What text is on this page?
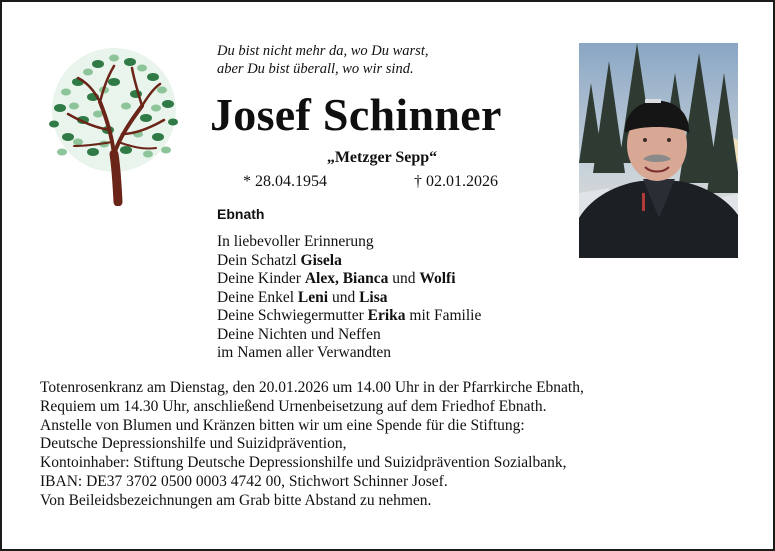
Du bist nicht mehr da, wo Du warst,
aber Du bist überall, wo wir sind.
Josef Schinner
„Metzger Sepp“
* 28.04.1954	† 02.01.2026
Ebnath
In liebevoller Erinnerung
Dein Schatzl Gisela
Deine Kinder Alex, Bianca und Wolfi
Deine Enkel Leni und Lisa
Deine Schwiegermutter Erika mit Familie
Deine Nichten und Neffen
im Namen aller Verwandten
Totenrosenkranz am Dienstag, den 20.01.2026 um 14.00 Uhr in der Pfarrkirche Ebnath,
Requiem um 14.30 Uhr, anschließend Urnenbeisetzung auf dem Friedhof Ebnath.
Anstelle von Blumen und Kränzen bitten wir um eine Spende für die Stiftung:
Deutsche Depressionshilfe und Suizidprävention,
Kontoinhaber: Stiftung Deutsche Depressionshilfe und Suizidprävention Sozialbank,
IBAN: DE37 3702 0500 0003 4742 00, Stichwort Schinner Josef.
Von Beileidsbezeichnungen am Grab bitte Abstand zu nehmen.
